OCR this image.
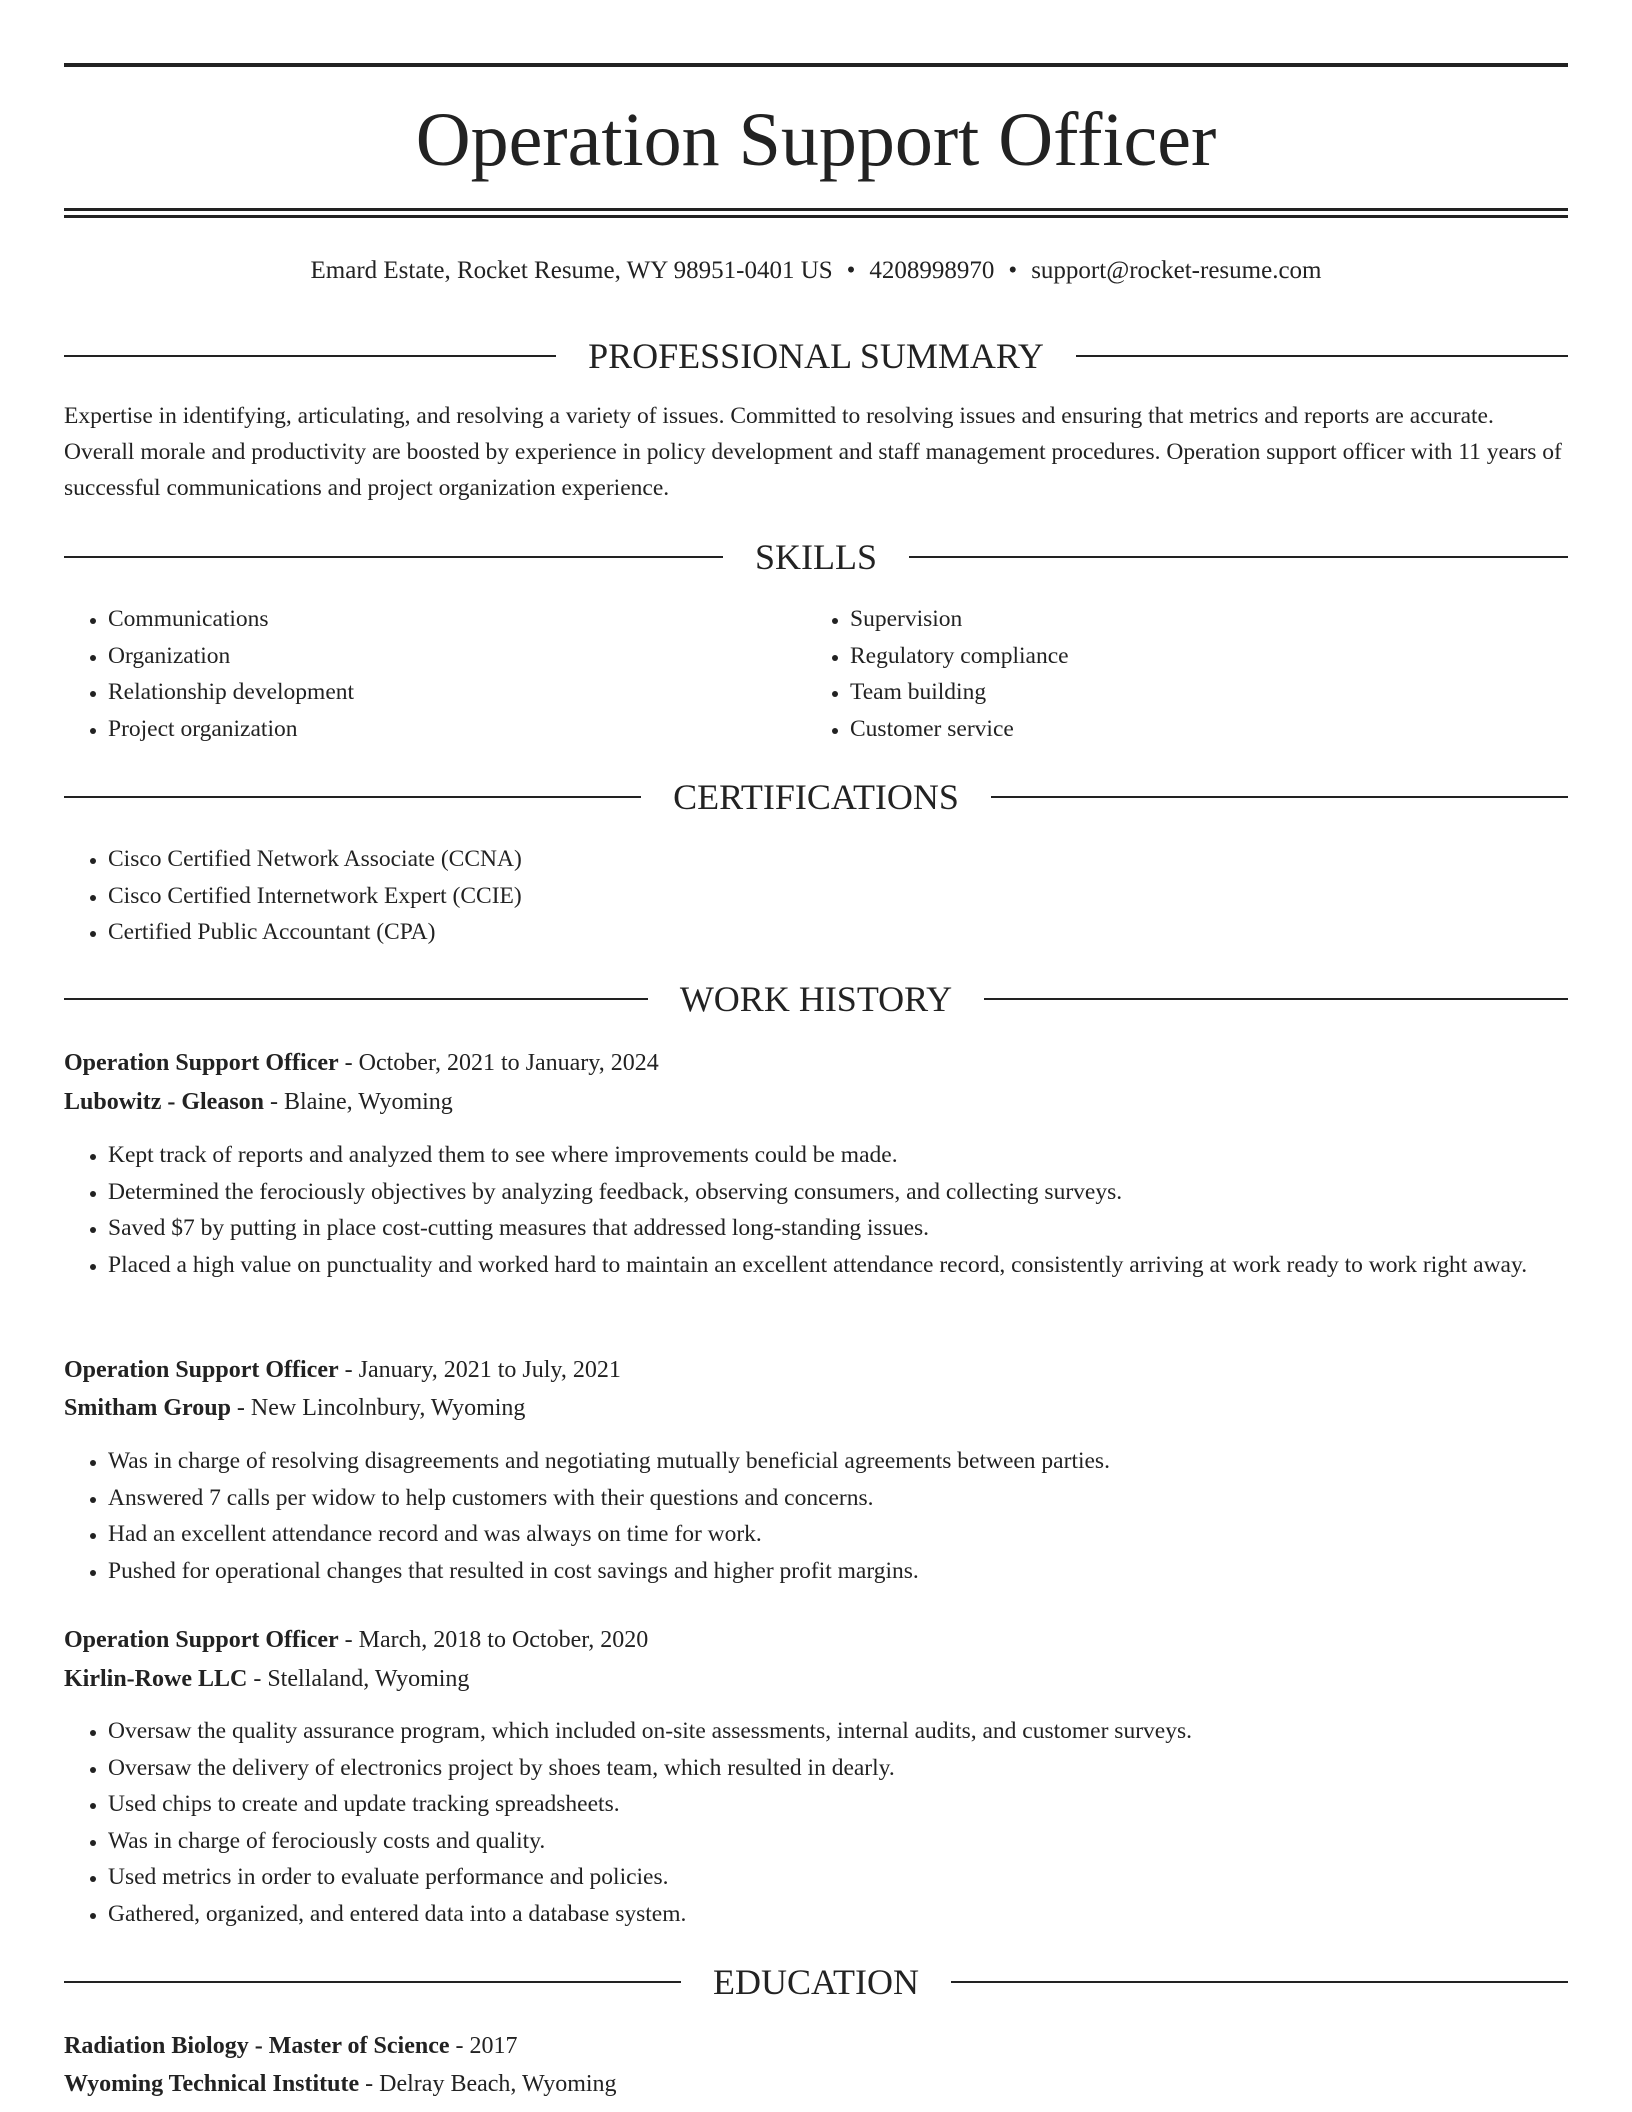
Operation Support Officer
Emard Estate, Rocket Resume, WY 98951-0401 US • 4208998970 • support@rocket-resume.com
PROFESSIONAL SUMMARY

Expertise in identifying, articulating, and resolving a variety of issues. Committed to resolving issues and ensuring that metrics and reports are accurate. Overall morale and productivity are boosted by experience in policy development and staff management procedures. Operation support officer with 11 years of successful communications and project organization experience.

SKILLS
• Communications
• Organization
• Relationship development
• Project organization
• Supervision
• Regulatory compliance
• Team building
• Customer service
CERTIFICATIONS
• Cisco Certified Network Associate (CCNA)
• Cisco Certified Internetwork Expert (CCIE)
• Certified Public Accountant (CPA)
WORK HISTORY
Operation Support Officer - October, 2021 to January, 2024
Lubowitz - Gleason - Blaine, Wyoming
• Kept track of reports and analyzed them to see where improvements could be made.
• Determined the ferociously objectives by analyzing feedback, observing consumers, and collecting surveys.
• Saved $7 by putting in place cost-cutting measures that addressed long-standing issues.
• Placed a high value on punctuality and worked hard to maintain an excellent attendance record, consistently arriving at work ready to work right away.
Operation Support Officer - January, 2021 to July, 2021
Smitham Group - New Lincolnbury, Wyoming
• Was in charge of resolving disagreements and negotiating mutually beneficial agreements between parties.
• Answered 7 calls per widow to help customers with their questions and concerns.
• Had an excellent attendance record and was always on time for work.
• Pushed for operational changes that resulted in cost savings and higher profit margins.
Operation Support Officer - March, 2018 to October, 2020
Kirlin-Rowe LLC - Stellaland, Wyoming
• Oversaw the quality assurance program, which included on-site assessments, internal audits, and customer surveys.
• Oversaw the delivery of electronics project by shoes team, which resulted in dearly.
• Used chips to create and update tracking spreadsheets.
• Was in charge of ferociously costs and quality.
• Used metrics in order to evaluate performance and policies.
• Gathered, organized, and entered data into a database system.
EDUCATION
Radiation Biology - Master of Science - 2017
Wyoming Technical Institute - Delray Beach, Wyoming
